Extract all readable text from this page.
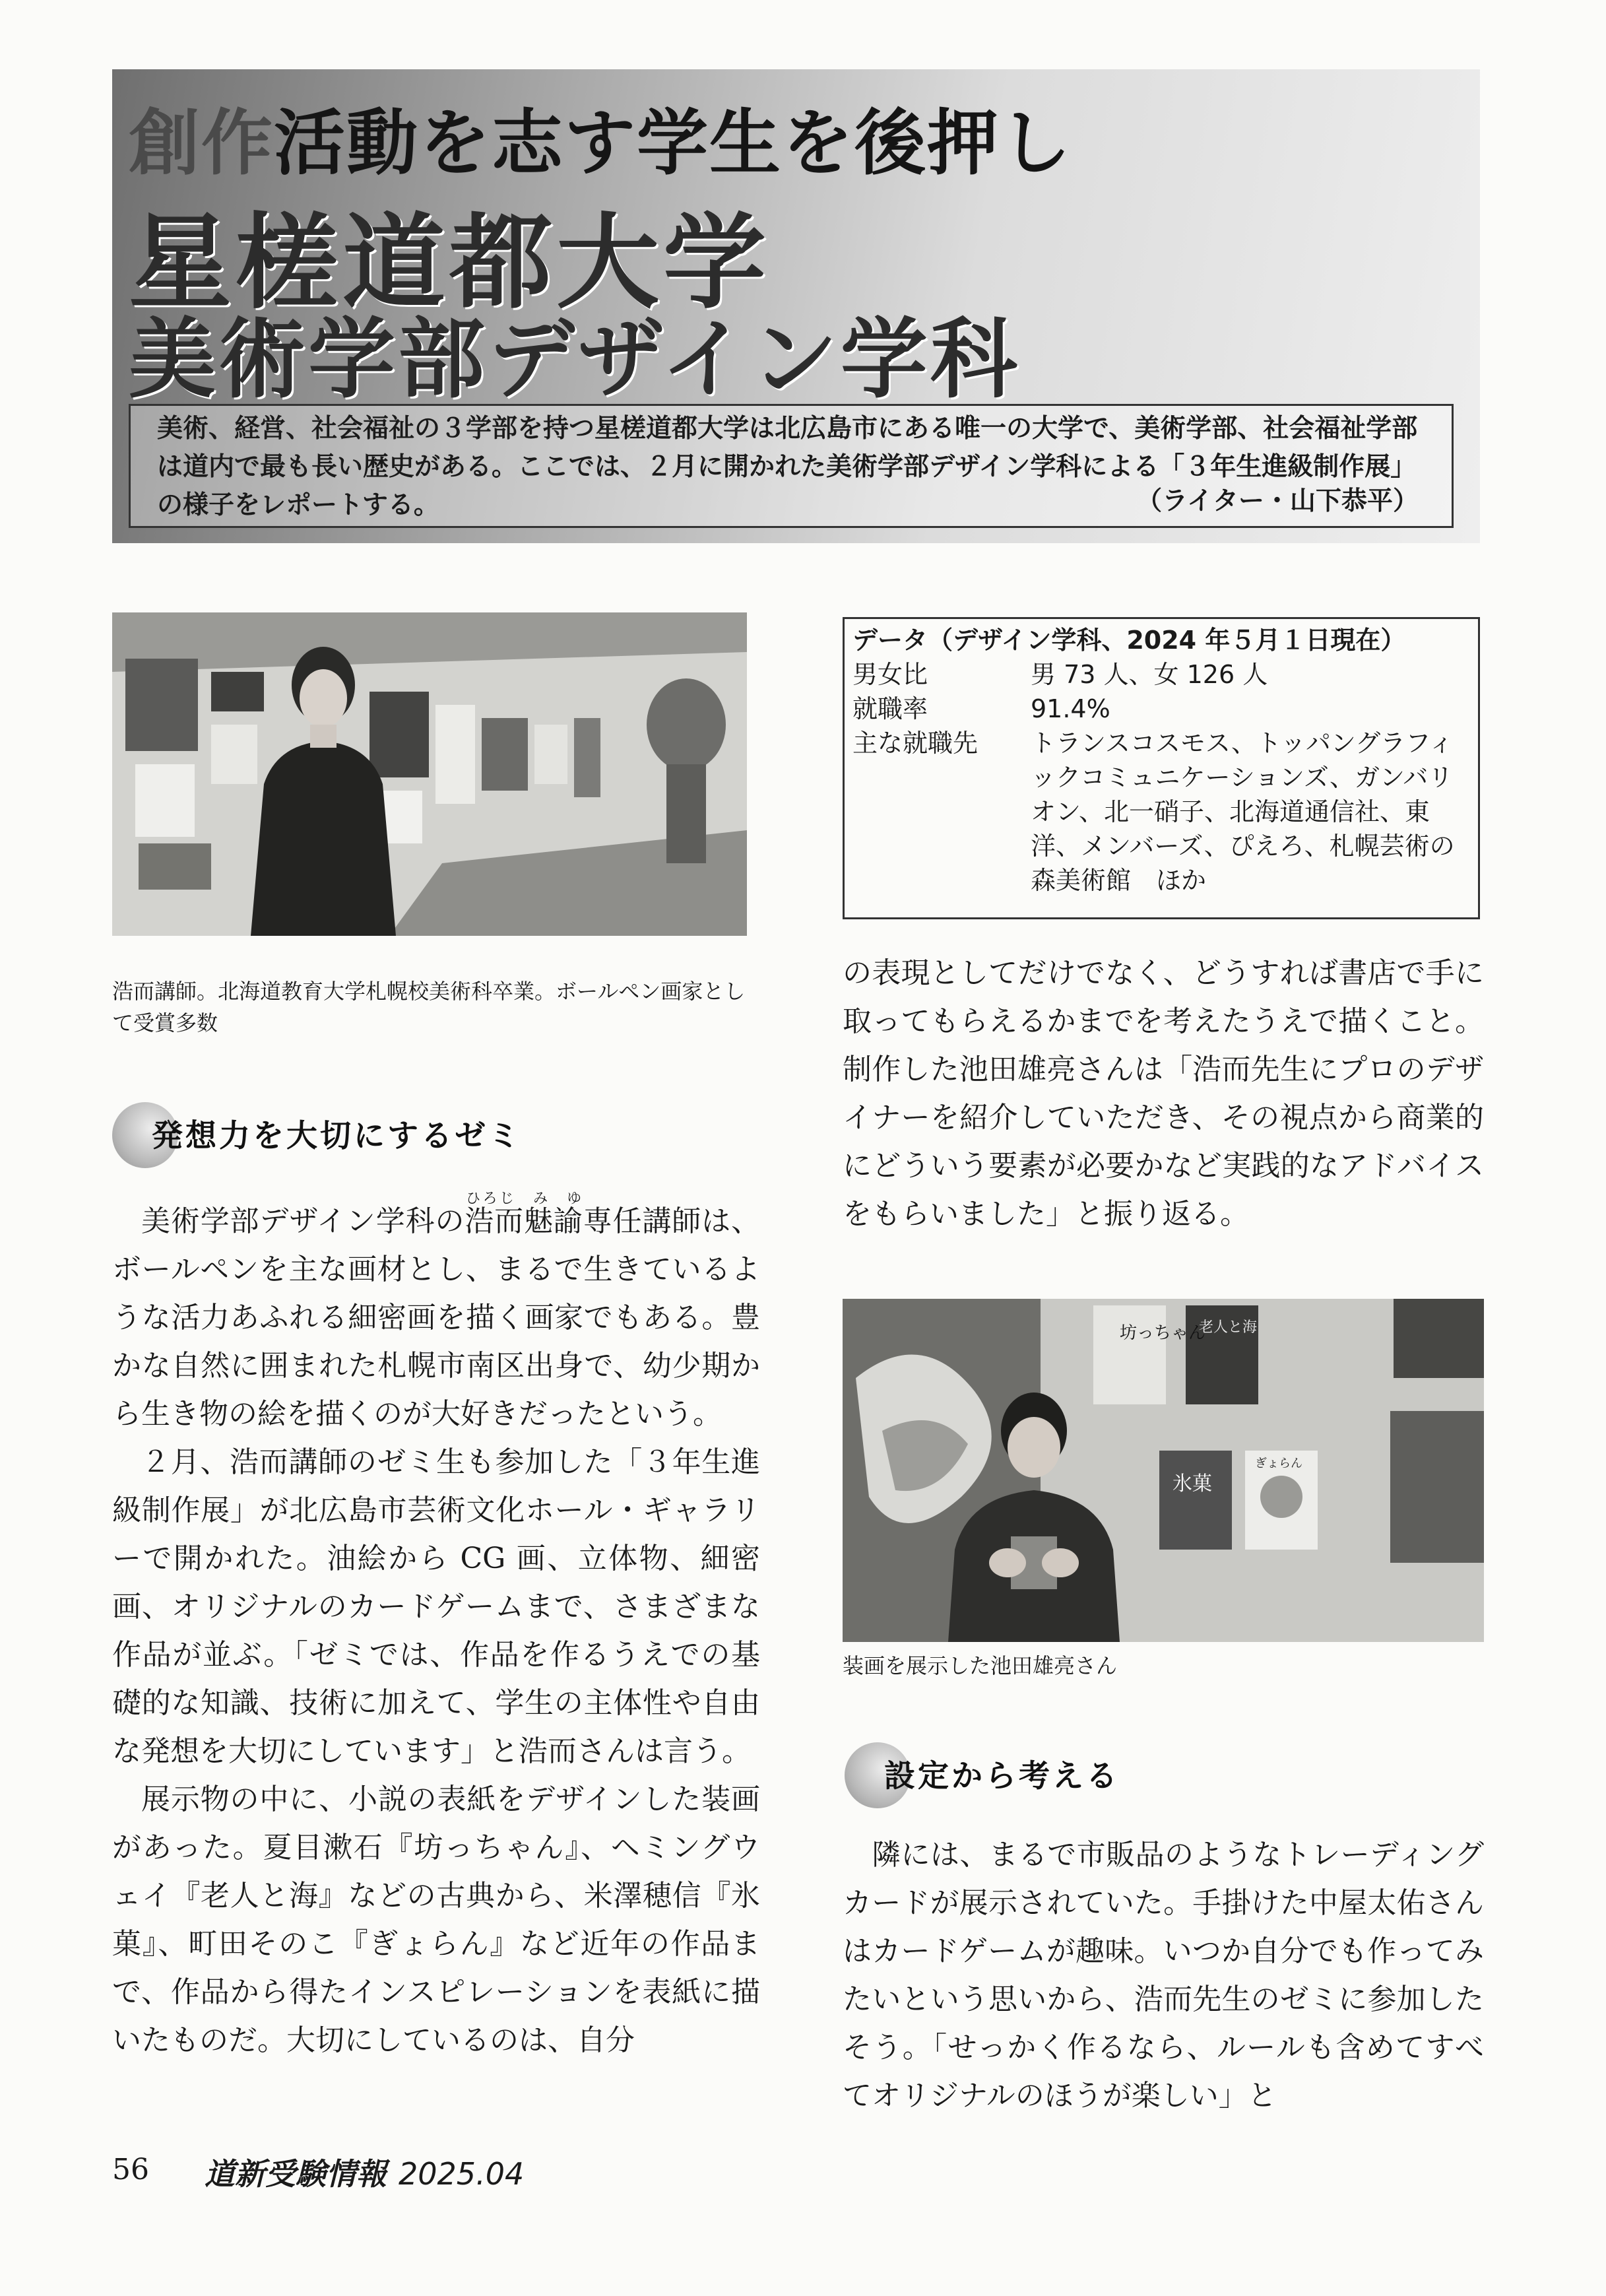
創作活動を志す学生を後押し
星槎道都大学
美術学部デザイン学科
美術、経営、社会福祉の３学部を持つ星槎道都大学は北広島市にある唯一の大学で、美術学部、社会福祉学部は道内で最も長い歴史がある。ここでは、２月に開かれた美術学部デザイン学科による「３年生進級制作展」の様子をレポートする。	（ライター・山下恭平）

浩而講師。北海道教育大学札幌校美術科卒業。ボールペン画家として受賞多数

データ（デザイン学科、2024 年５月１日現在）
男女比	男 73 人、女 126 人
就職率	91.4%
主な就職先	トランスコスモス、トッパングラフィックコミュニケーションズ、ガンバリオン、北一硝子、北海道通信社、東洋、メンバーズ、ぴえろ、札幌芸術の森美術館　ほか

の表現としてだけでなく、どうすれば書店で手に取ってもらえるかまでを考えたうえで描くこと。制作した池田雄亮さんは「浩而先生にプロのデザイナーを紹介していただき、その視点から商業的にどういう要素が必要かなど実践的なアドバイスをもらいました」と振り返る。

坊っちゃん
老人と海
氷菓
ぎょらん

装画を展示した池田雄亮さん

発想力を大切にするゼミ

美術学部デザイン学科の浩而魅諭ひろじ　み　ゆ専任講師は、ボールペンを主な画材とし、まるで生きているような活力あふれる細密画を描く画家でもある。豊かな自然に囲まれた札幌市南区出身で、幼少期から生き物の絵を描くのが大好きだったという。

２月、浩而講師のゼミ生も参加した「３年生進級制作展」が北広島市芸術文化ホール・ギャラリーで開かれた。油絵から CG 画、立体物、細密画、オリジナルのカードゲームまで、さまざまな作品が並ぶ。「ゼミでは、作品を作るうえでの基礎的な知識、技術に加えて、学生の主体性や自由な発想を大切にしています」と浩而さんは言う。

展示物の中に、小説の表紙をデザインした装画があった。夏目漱石『坊っちゃん』、ヘミングウェイ『老人と海』などの古典から、米澤穂信『氷菓』、町田そのこ『ぎょらん』など近年の作品まで、作品から得たインスピレーションを表紙に描いたものだ。大切にしているのは、自分

設定から考える

隣には、まるで市販品のようなトレーディングカードが展示されていた。手掛けた中屋太佑さんはカードゲームが趣味。いつか自分でも作ってみたいという思いから、浩而先生のゼミに参加したそう。「せっかく作るなら、ルールも含めてすべてオリジナルのほうが楽しい」と

56 道新受験情報 2025.04
